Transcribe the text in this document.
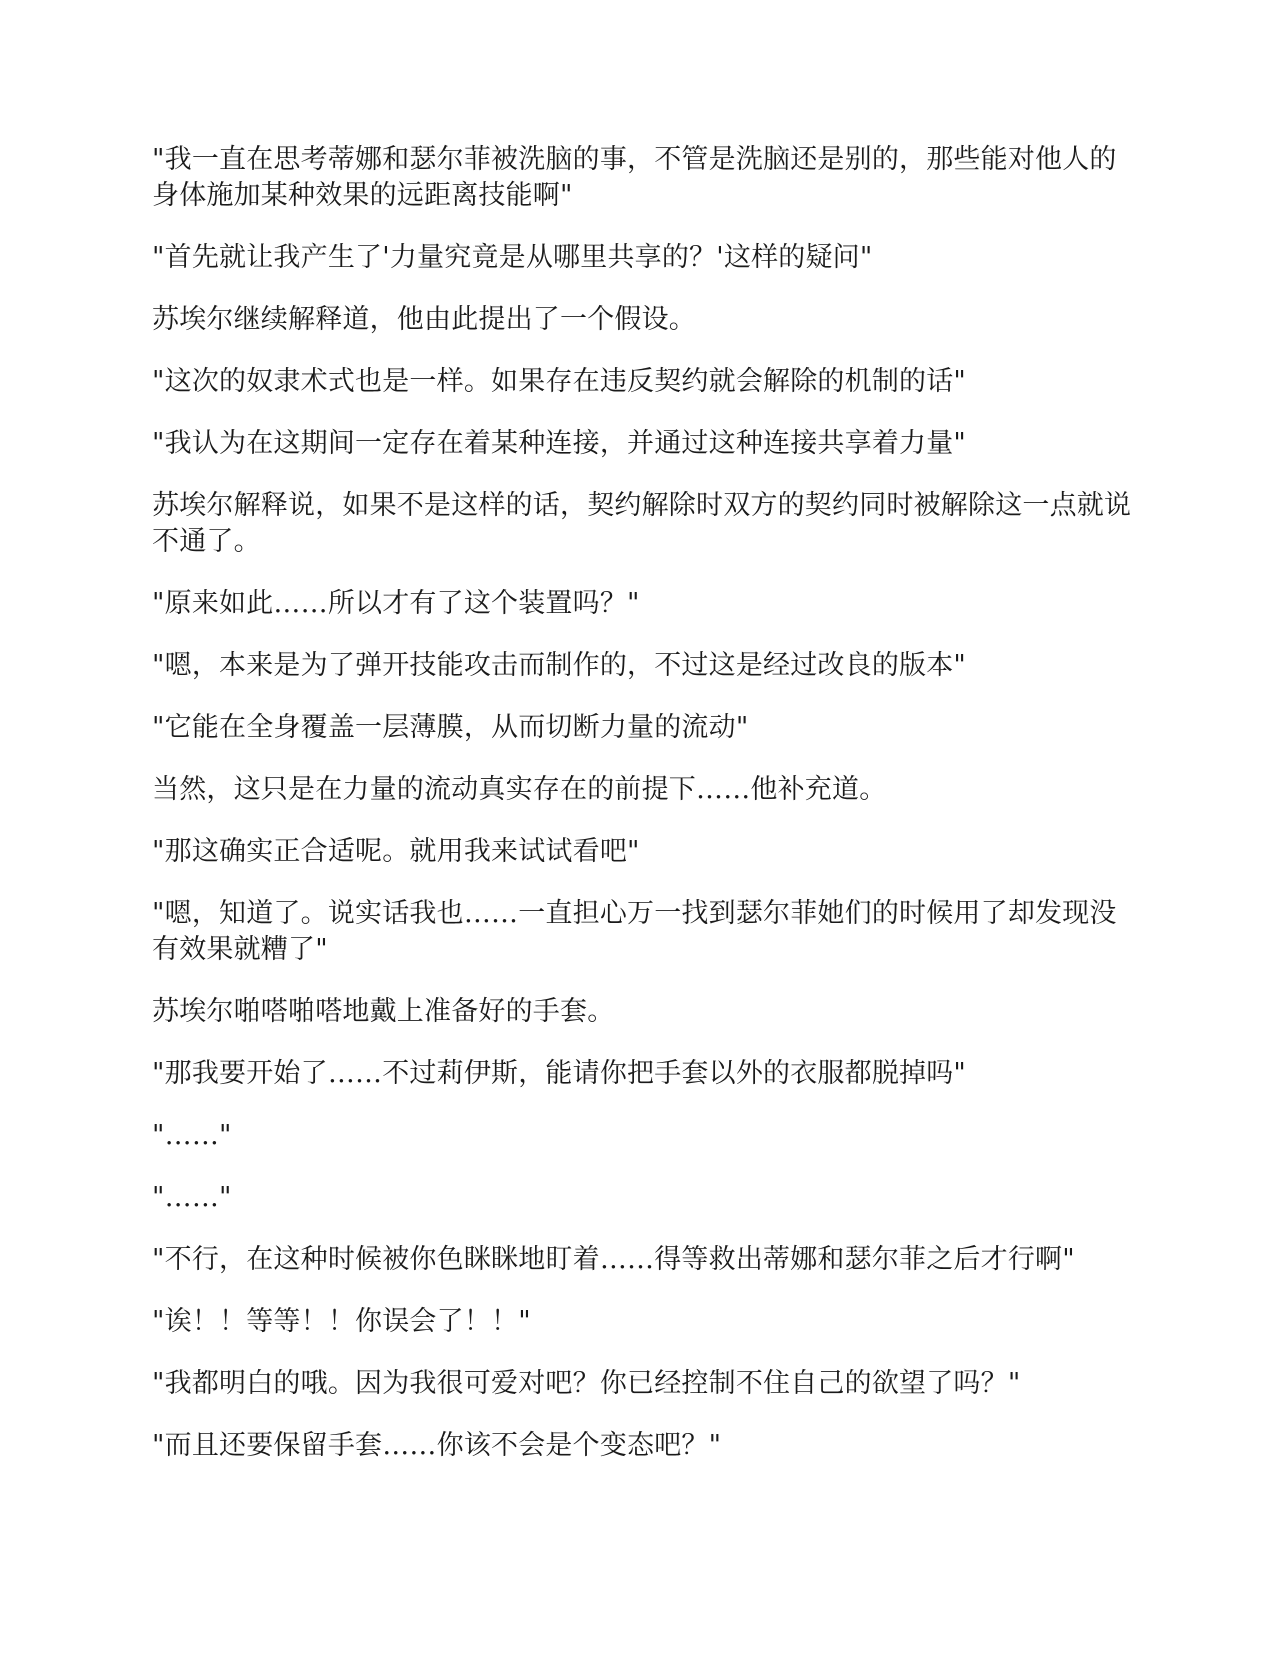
"我一直在思考蒂娜和瑟尔菲被洗脑的事，不管是洗脑还是别的，那些能对他人的身体施加某种效果的远距离技能啊"

"首先就让我产生了'力量究竟是从哪里共享的？'这样的疑问"

苏埃尔继续解释道，他由此提出了一个假设。

"这次的奴隶术式也是一样。如果存在违反契约就会解除的机制的话"

"我认为在这期间一定存在着某种连接，并通过这种连接共享着力量"

苏埃尔解释说，如果不是这样的话，契约解除时双方的契约同时被解除这一点就说不通了。

"原来如此……所以才有了这个装置吗？"

"嗯，本来是为了弹开技能攻击而制作的，不过这是经过改良的版本"

"它能在全身覆盖一层薄膜，从而切断力量的流动"

当然，这只是在力量的流动真实存在的前提下……他补充道。

"那这确实正合适呢。就用我来试试看吧"

"嗯，知道了。说实话我也……一直担心万一找到瑟尔菲她们的时候用了却发现没有效果就糟了"

苏埃尔啪嗒啪嗒地戴上准备好的手套。

"那我要开始了……不过莉伊斯，能请你把手套以外的衣服都脱掉吗"

"……"

"……"

"不行，在这种时候被你色眯眯地盯着……得等救出蒂娜和瑟尔菲之后才行啊"

"诶！！等等！！你误会了！！"

"我都明白的哦。因为我很可爱对吧？你已经控制不住自己的欲望了吗？"

"而且还要保留手套……你该不会是个变态吧？"
